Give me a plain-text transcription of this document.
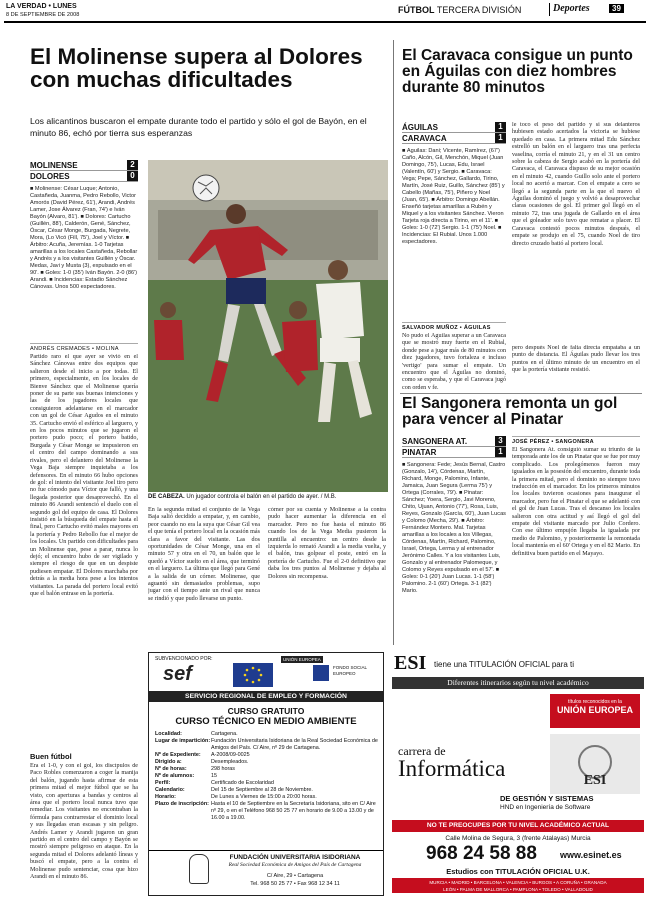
LA VERDAD • LUNES
8 DE SEPTIEMBRE DE 2008	FÚTBOL TERCERA DIVISIÓN	Deportes	39
El Molinense supera al Dolores con muchas dificultades
Los alicantinos buscaron el empate durante todo el partido y sólo el gol de Bayón, en el minuto 86, echó por tierra sus esperanzas
MOLINENSE	2
DOLORES	0
■ Molinense: César Luque; Antonio, Castañeda, Juanma, Pedro Rebollo, Victor Amorós (David Pérez, 61'), Arandi, Andrés Lamer, Jose Álvarez (Fran, 74') e Iván Bayón (Alvaro, 81'). ■ Dolores: Cartucho (Guillén, 88'), Calderón, Gené, Sánchez, Óscar, César Monge, Burgada, Negrete, Mora, (Lo Vicó (Fill, 75'), Joel y Víctor. ■ Árbitro: Acuña, Jeremías. 1-0 Tarjetas amarillas a los locales Castañeda, Rebollar y Andrés y a los visitantes Guillén y Óscar. Medas, Javi y Musta (3), expulsado en el 90'. ■ Goles: 1-0 (35') Iván Bayón. 2-0 (86') Arandi. ■ Incidencias: Estadio Sánchez Cánovas. Unos 500 espectadores.
ANDRÉS CREMADES • MOLINA
DE CABEZA. Un jugador controla el balón en el partido de ayer. / M.B.
Partido raro el que ayer se vivió en el Sánchez Cánovas entre dos equipos que salieron desde el inicio a por todas. El primero, especialmente, en los locales de Bienve Sánchez que el Molinense quería poner de su parte sus buenas intenciones y las de los jugadores locales que consiguieron adelantarse en el marcador con un gol de César Agudos en el minuto 35. Cartucho envió el esférico al larguero, y en los pocos minutos que se jugaron el portero pudo poco; el portero batido, Burgada y César Monge se impusieron en el centro del campo dominando a sus rivales, pero el delantero del Molinense la Vega Baja siempre inquietaba a los defensores. En el minuto 66 hubo opciones de gol: el intento del visitante Joel tiro pero no fue cómodo para Víctor que falló, y una llegada posterior que desaprovechó. En el minuto 86 Arandi sentenció el duelo con el segundo gol del equipo de casa. El Dolores insistió en la búsqueda del empate hasta el final, pero Cartucho evitó males mayores en la portería y Pedro Rebollo fue el mejor de los locales. Un partido con dificultades para un Molinense que, pese a parar, nunca lo dejó; el encuentro hubo de ser vigilado y siempre el riesgo de que en un despiste pudiesen empatar. El Dolores marchaba por detrás a la media hora pese a los intentos visitantes. La parada del portero local evitó que el balón entrase en la portería.
Buen fútbol
Era el 1-0, y con el gol, los discípulos de Paco Robles comenzaron a coger la manija del balón, jugando hasta afirmar de esta primera mitad el mejor fútbol que se ha visto, con aperturas a bandas y centros al área que el portero local nunca tuvo que remediar. Los visitantes no encontraban la fórmula para contrarrestar el dominio local y sus llegadas eran escasas y sin peligro. Andrés Lamer y Arandi jugaron un gran partido en el centro del campo y Bayón se mostró siempre peligroso en ataque. En la segunda mitad el Dolores adelantó líneas y buscó el empate, pero a la contra el Molinense pudo sentenciar, cosa que hizo Arandi en el minuto 86.
En la segunda mitad el conjunto de la Vega Baja salió decidido a empatar, y, en cambio, peor cuando no era la suya que César Gil vea el que tenía el portero local en la ocasión más clara a favor del visitante. Las dos oportunidades de César Monge, una en el minuto 57 y otra en el 70, un balón que le quedó a Víctor suelto en el área, que terminó en el larguero. La última que llegó para Gené a la salida de un córner. Molinense, que aguantó sin demasiados problemas, supo jugar con el tiempo ante un rival que nunca se rindió y que pudo llevarse un punto.
córner por su cuenta y Molinense a la contra pudo hacer aumentar la diferencia en el marcador. Pero no fue hasta el minuto 86 cuando los de la Vega Media pusieron la puntilla al encuentro: un centro desde la izquierda lo remató Arandi a la media vuelta, y el balón, tras golpear el poste, entró en la portería de Cartucho. Fue el 2-0 definitivo que daba los tres puntos al Molinense y dejaba al Dolores sin recompensa.
El Caravaca consigue un punto en Águilas con diez hombres durante 80 minutos
ÁGUILAS	1
CARAVACA	1
■ Águilas: Dani; Vicente, Ramírez, (67') Caño, Alcón, Gil, Menchón, Miquel (Juan Domingo, 75'), Lucas, Edu, Israel (Valentín, 60') y Sergio. ■ Caravaca: Vega; Pepe, Sánchez, Gallardo, Tirino, Martín, José Ruiz, Guillo, Sánchez (85') y Cabello (Mañas, 75'), Piñero y Noel (Juan, 65'). ■ Árbitro: Domingo Abellán. Enseñó tarjetas amarillas a Rubén y Miquel y a los visitantes Sánchez. Vieron Tarjeta roja directa a Tirino, en el 11'. ■ Goles: 1-0 (72') Sergio. 1-1 (75') Noel. ■ Incidencias: El Rubial. Unos 1.000 espectadores.
SALVADOR MUÑOZ • ÁGUILAS
No pudo el Águilas superar a un Caravaca que se mostró muy fuerte en el Rubial, donde pese a jugar más de 80 minutos con diez jugadores, tuvo fortaleza e incluso 'vertigo' para sumar el empate. Un encuentro que el Águilas no dominó, como se esperaba, y que el Caravaca jugó con orden y fe.
le toco el peso del partido y si sus delanteros hubiesen estado acertados la victoria se hubiese quedado en casa. La primera mitad Edu Sánchez estrelló un balón en el larguero tras una perfecta vaselina, corría el minuto 21, y en el 31 un centro sobre la cabeza de Sergio acabó en la portería del Caravaca, el Caravaca dispuso de su mejor ocasión en el minuto 42, cuando Guillo solo ante el portero local no acertó a marcar. Con el empate a cero se llegó a la segunda parte en la que el nuevo el Águilas dominó el juego y volvió a desaprovechar claras ocasiones de gol. El primer gol llegó en el minuto 72, tras una jugada de Gallardo en el área que el goleador solo tuvo que rematar a placer. El Caravaca contestó pocos minutos después, el empate se produjo en el 75, cuando Noel de tiro directo cruzado batió al portero local.
pero después Noel de falta directa empataba a un punto de distancia. El Águilas pudo llevar los tres puntos en el último minuto de un encuentro en el que la portería visitante resistió.
El Sangonera remonta un gol para vencer al Pinatar
SANGONERA AT.	3
PINATAR	1
■ Sangonera: Fede; Jesús Bernal, Castro (Gonzalo, 14'), Córdenas, Martín, Richard, Monge, Palomino, Infante, Jamaica, Juan Segura (Lerma 75') y Ortega (Corrales, 79'). ■ Pinatar: Sánchez; Yoera, Sergio, Javi Moreno, Chito, Ujuan, Antonio (77'), Rosa, Luis, Reyes, Gonzalo (García, 60'), Juan Lucas y Colomo (Mecha, 29'). ■ Árbitro: Fernández Montero. Mal. Tarjetas amarillas a los locales a los Villegas, Córdenas, Martín, Richard, Palomino, Israel, Ortega, Lerma y al entrenador Jerónimo Calles. Y a los visitantes Luis, Gonzalo y al entrenador Palomeque, y Colomo y Reyes expulsado en el 57'. ■ Goles: 0-1 (20') Juan Lucas. 1-1 (58') Palomino. 2-1 (60') Ortega. 3-1 (82') Mario.
JOSÉ PÉREZ • SANGONERA
El Sangonera At. consiguió sumar su triunfo de la temporada ante los de un Pinatar que se fue por muy complicado. Los prolegómenos fueron muy igualados en la posesión del encuentro, durante toda la primera mitad, pero el dominio no siempre tuvo traducción en el marcador. En los primeros minutos los locales tuvieron ocasiones para inaugurar el marcador, pero fue el Pinatar el que se adelantó con el gol de Juan Lucas. Tras el descanso los locales salieron con otra actitud y así llegó el gol del empate del visitante marcado por Julio Cordero. Con ese último empujón llegaba la igualada por medio de Palomino, y posteriormente la remontada local mantenía en el 60' Ortega y en el 82 Mario. En definitiva buen partido en el Mayayo.
SUBVENCIONADO POR:
sef
UNIÓN EUROPEA
FONDO SOCIAL EUROPEO
SERVICIO REGIONAL DE EMPLEO Y FORMACIÓN
CURSO GRATUITO
CURSO TÉCNICO EN MEDIO AMBIENTE
Localidad:	Cartagena.
Lugar de impartición: Fundación Universitaria Isidoriana de la Real Sociedad Económica de Amigos del País. C/ Aire, nº 29 de Cartagena.
Nº de Expediente:	A-2008/09-0025
Dirigido a:	Desempleados.
Nº de horas:	298 horas
Nº de alumnos:	15
Perfil:	Certificado de Escolaridad
Calendario:	Del 15 de Septiembre al 28 de Noviembre.
Horario:	De Lunes a Viernes de 15:00 a 20:00 horas.
Plazo de inscripción: Hasta el 10 de Septiembre en la Secretaría Isidoriana, sito en C/ Aire nº 29, o en el Teléfono 968 50 25 77 en horario de 9.00 a 13.00 y de 16.00 a 19.00.
FUNDACIÓN UNIVERSITARIA ISIDORIANA
Real Sociedad Económica de Amigos del País de Cartagena
C/ Aire, 29 • Cartagena
Tel. 968 50 25 77 • Fax 968 12 34 11
ESI tiene una TITULACIÓN OFICIAL para ti
Diferentes itinerarios según tu nivel académico
títulos reconocidos en la
UNIÓN EUROPEA
ESI
carrera de
Informática
DE GESTIÓN Y SISTEMAS
HND en Ingeniería de Software
NO TE PREOCUPES POR TU NIVEL ACADÉMICO ACTUAL
Calle Molina de Segura, 3 (frente Atalayas) Murcia
968 24 58 88	www.esinet.es
Estudios con TITULACIÓN OFICIAL U.K.
MURCIA • MADRID • BARCELONA • VALENCIA • BURGOS • A CORUÑA • GRANADA
LEÓN • PALMA DE MALLORCA • PAMPLONA • TOLEDO • VALLADOLID
